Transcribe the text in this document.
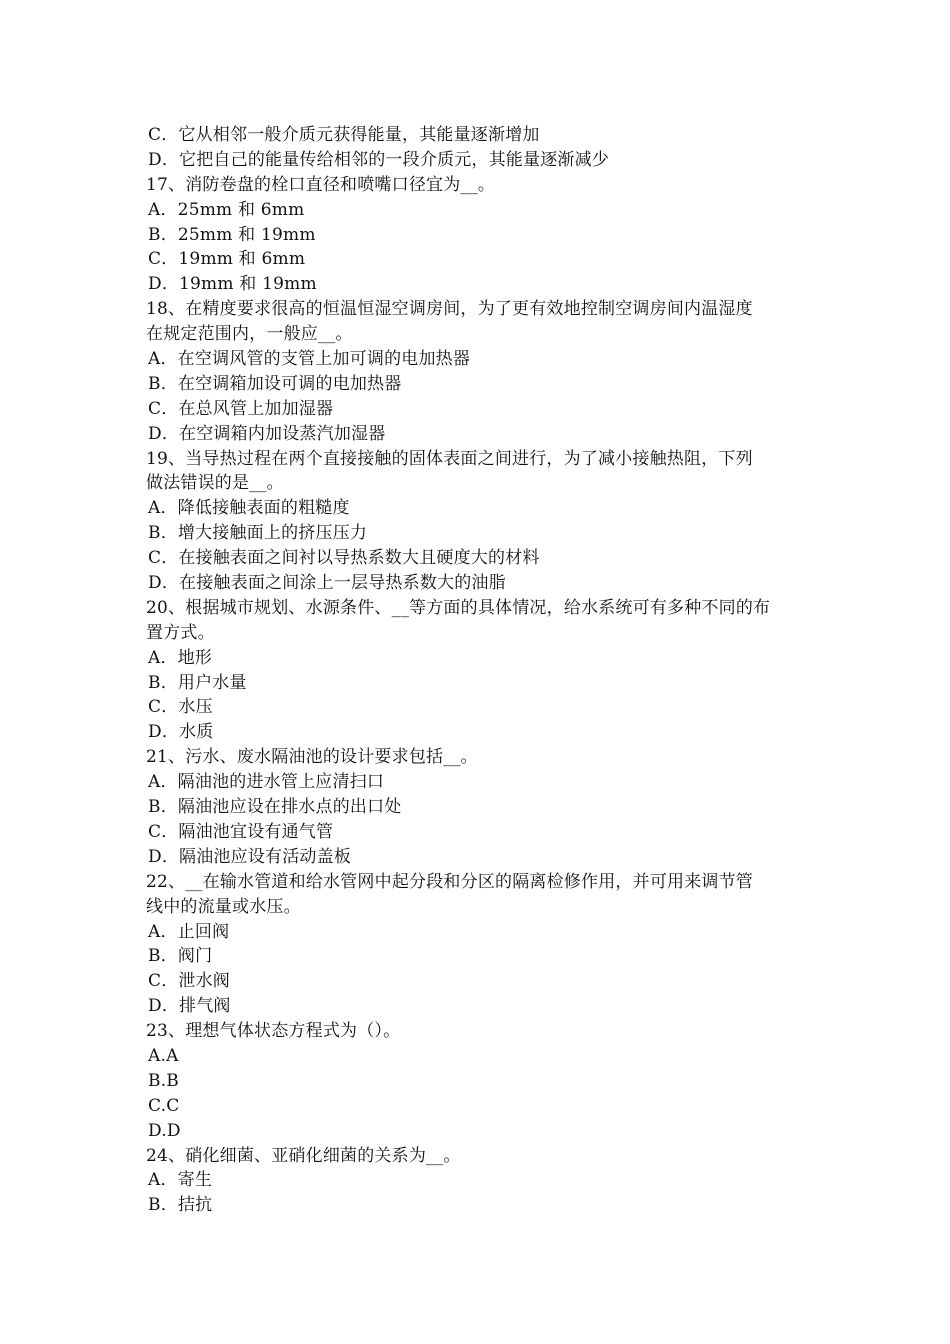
C．它从相邻一般介质元获得能量，其能量逐渐增加
D．它把自己的能量传给相邻的一段介质元，其能量逐渐减少
17、消防卷盘的栓口直径和喷嘴口径宜为__。
A．25mm 和 6mm
B．25mm 和 19mm
C．19mm 和 6mm
D．19mm 和 19mm
18、在精度要求很高的恒温恒湿空调房间，为了更有效地控制空调房间内温湿度
在规定范围内，一般应__。
A．在空调风管的支管上加可调的电加热器
B．在空调箱加设可调的电加热器
C．在总风管上加加湿器
D．在空调箱内加设蒸汽加湿器
19、当导热过程在两个直接接触的固体表面之间进行，为了减小接触热阻，下列
做法错误的是__。
A．降低接触表面的粗糙度
B．增大接触面上的挤压压力
C．在接触表面之间衬以导热系数大且硬度大的材料
D．在接触表面之间涂上一层导热系数大的油脂
20、根据城市规划、水源条件、__等方面的具体情况，给水系统可有多种不同的布
置方式。
A．地形
B．用户水量
C．水压
D．水质
21、污水、废水隔油池的设计要求包括__。
A．隔油池的进水管上应清扫口
B．隔油池应设在排水点的出口处
C．隔油池宜设有通气管
D．隔油池应设有活动盖板
22、__在输水管道和给水管网中起分段和分区的隔离检修作用，并可用来调节管
线中的流量或水压。
A．止回阀
B．阀门
C．泄水阀
D．排气阀
23、理想气体状态方程式为（）。
A.A
B.B
C.C
D.D
24、硝化细菌、亚硝化细菌的关系为__。
A．寄生
B．拮抗
